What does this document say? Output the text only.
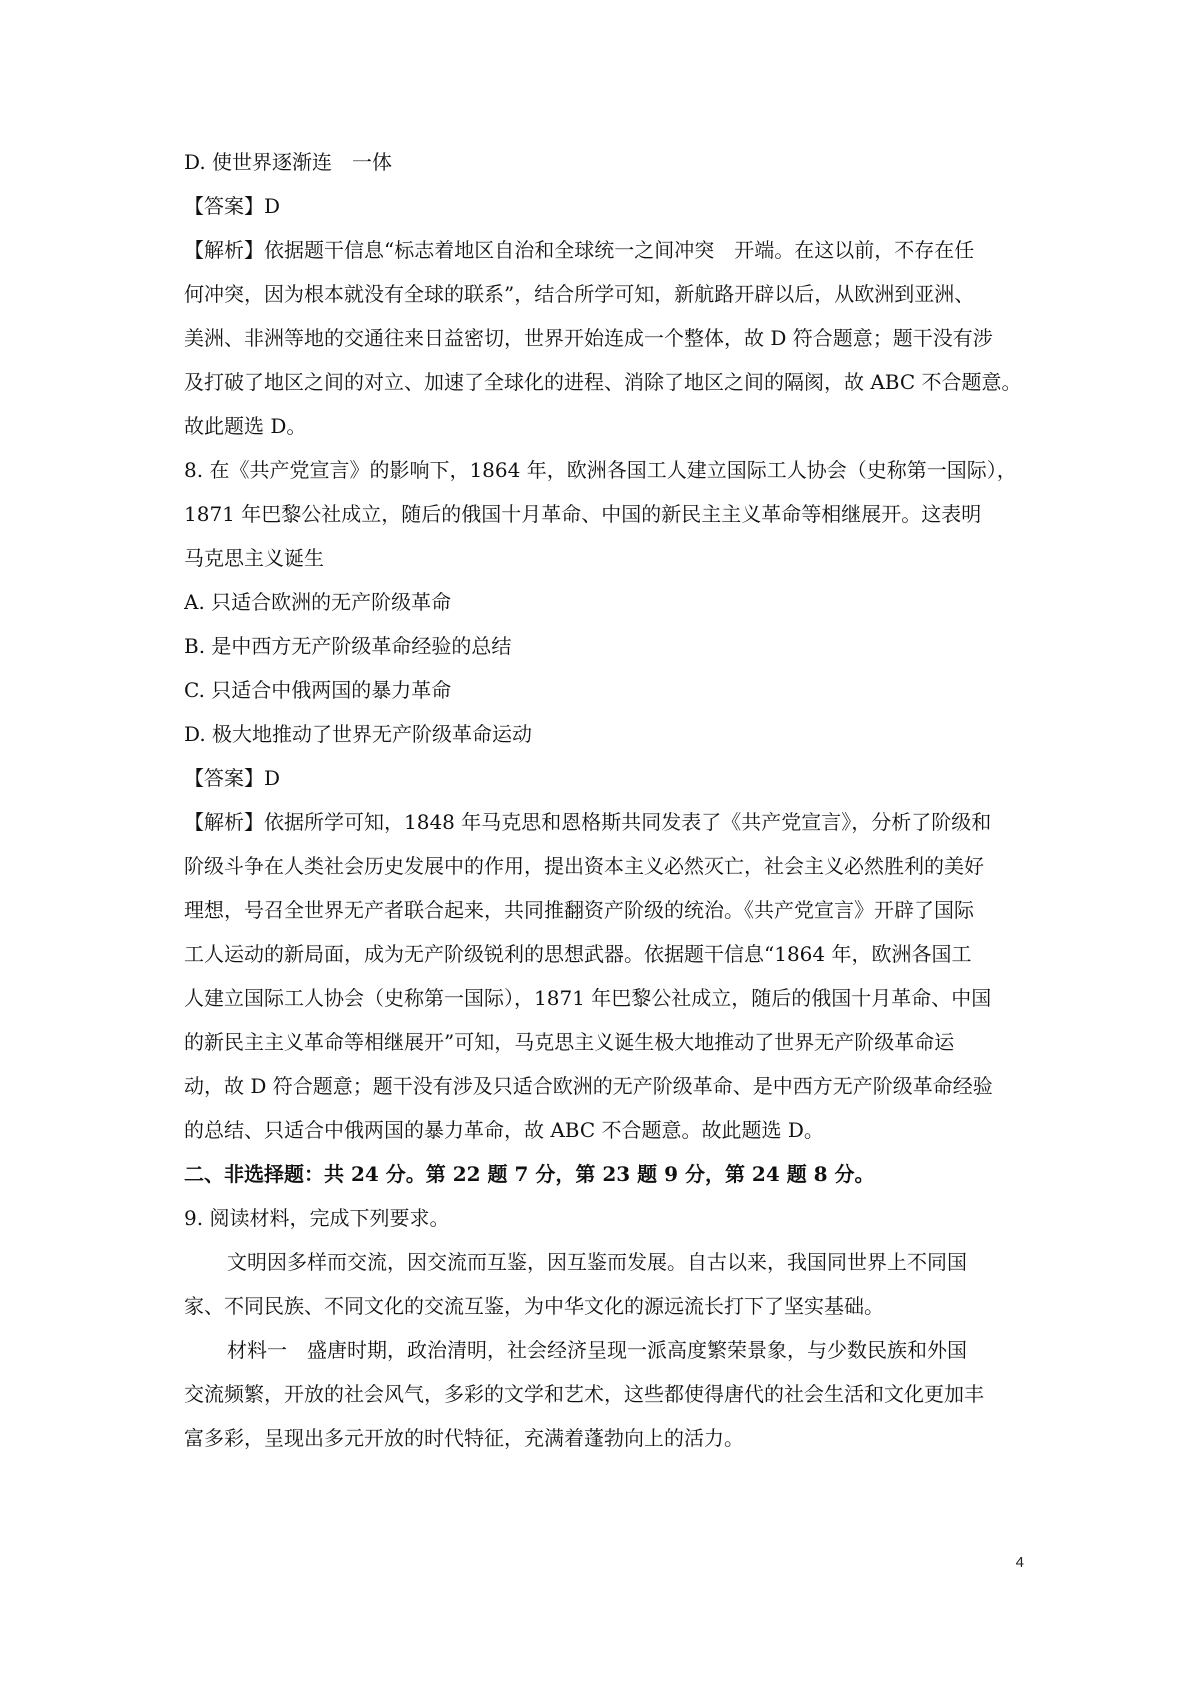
D. 使世界逐渐连　一体
【答案】D
【解析】依据题干信息“标志着地区自治和全球统一之间冲突　开端。在这以前，不存在任
何冲突，因为根本就没有全球的联系”，结合所学可知，新航路开辟以后，从欧洲到亚洲、
美洲、非洲等地的交通往来日益密切，世界开始连成一个整体，故 D 符合题意；题干没有涉
及打破了地区之间的对立、加速了全球化的进程、消除了地区之间的隔阂，故 ABC 不合题意。
故此题选 D。
8. 在《共产党宣言》的影响下，1864 年，欧洲各国工人建立国际工人协会（史称第一国际），
1871 年巴黎公社成立，随后的俄国十月革命、中国的新民主主义革命等相继展开。这表明
马克思主义诞生
A. 只适合欧洲的无产阶级革命
B. 是中西方无产阶级革命经验的总结
C. 只适合中俄两国的暴力革命
D. 极大地推动了世界无产阶级革命运动
【答案】D
【解析】依据所学可知，1848 年马克思和恩格斯共同发表了《共产党宣言》，分析了阶级和
阶级斗争在人类社会历史发展中的作用，提出资本主义必然灭亡，社会主义必然胜利的美好
理想，号召全世界无产者联合起来，共同推翻资产阶级的统治。《共产党宣言》开辟了国际
工人运动的新局面，成为无产阶级锐利的思想武器。依据题干信息“1864 年，欧洲各国工
人建立国际工人协会（史称第一国际），1871 年巴黎公社成立，随后的俄国十月革命、中国
的新民主主义革命等相继展开”可知，马克思主义诞生极大地推动了世界无产阶级革命运
动，故 D 符合题意；题干没有涉及只适合欧洲的无产阶级革命、是中西方无产阶级革命经验
的总结、只适合中俄两国的暴力革命，故 ABC 不合题意。故此题选 D。
二、非选择题：共 24 分。第 22 题 7 分，第 23 题 9 分，第 24 题 8 分。
9. 阅读材料，完成下列要求。
文明因多样而交流，因交流而互鉴，因互鉴而发展。自古以来，我国同世界上不同国
家、不同民族、不同文化的交流互鉴，为中华文化的源远流长打下了坚实基础。
材料一　盛唐时期，政治清明，社会经济呈现一派高度繁荣景象，与少数民族和外国
交流频繁，开放的社会风气，多彩的文学和艺术，这些都使得唐代的社会生活和文化更加丰
富多彩，呈现出多元开放的时代特征，充满着蓬勃向上的活力。
4
